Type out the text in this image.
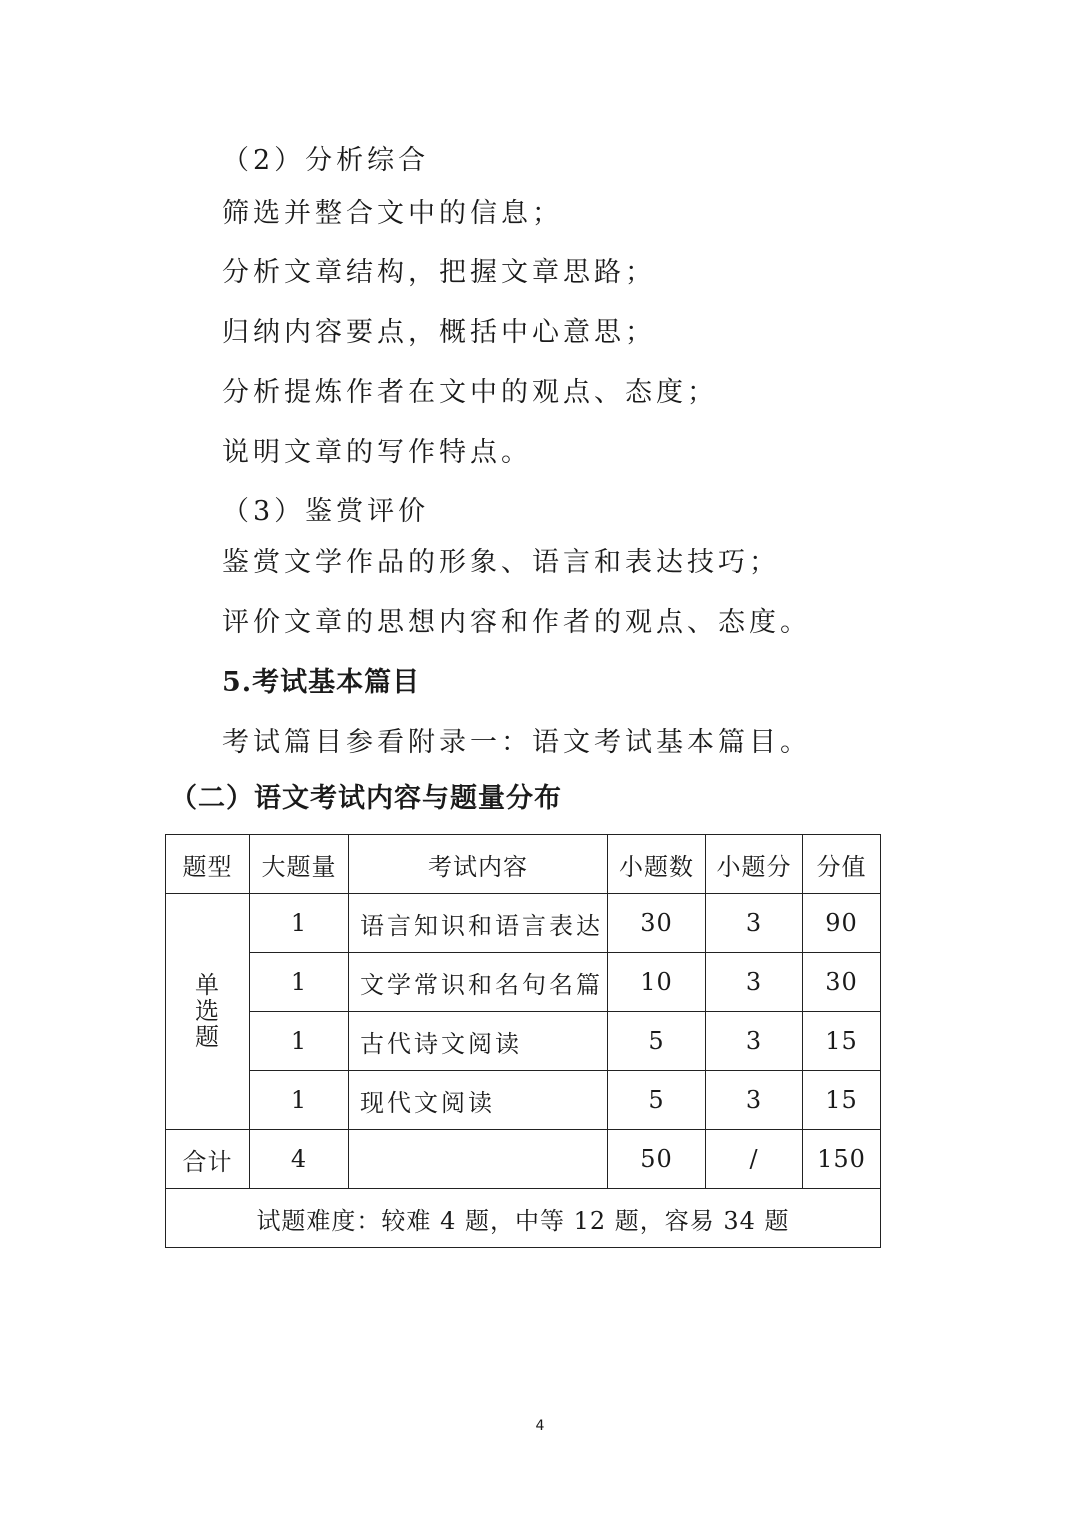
（2）分析综合
筛选并整合文中的信息；
分析文章结构，把握文章思路；
归纳内容要点，概括中心意思；
分析提炼作者在文中的观点、态度；
说明文章的写作特点。
（3）鉴赏评价
鉴赏文学作品的形象、语言和表达技巧；
评价文章的思想内容和作者的观点、态度。
5.考试基本篇目
考试篇目参看附录一：语文考试基本篇目。
（二）语文考试内容与题量分布
题型	大题量	考试内容	小题数	小题分	分值
单选题	1	语言知识和语言表达	30	3	90
	1	文学常识和名句名篇	10	3	30
	1	古代诗文阅读	5	3	15
	1	现代文阅读	5	3	15
合计	4		50	/	150
试题难度：较难 4 题，中等 12 题，容易 34 题					
4
